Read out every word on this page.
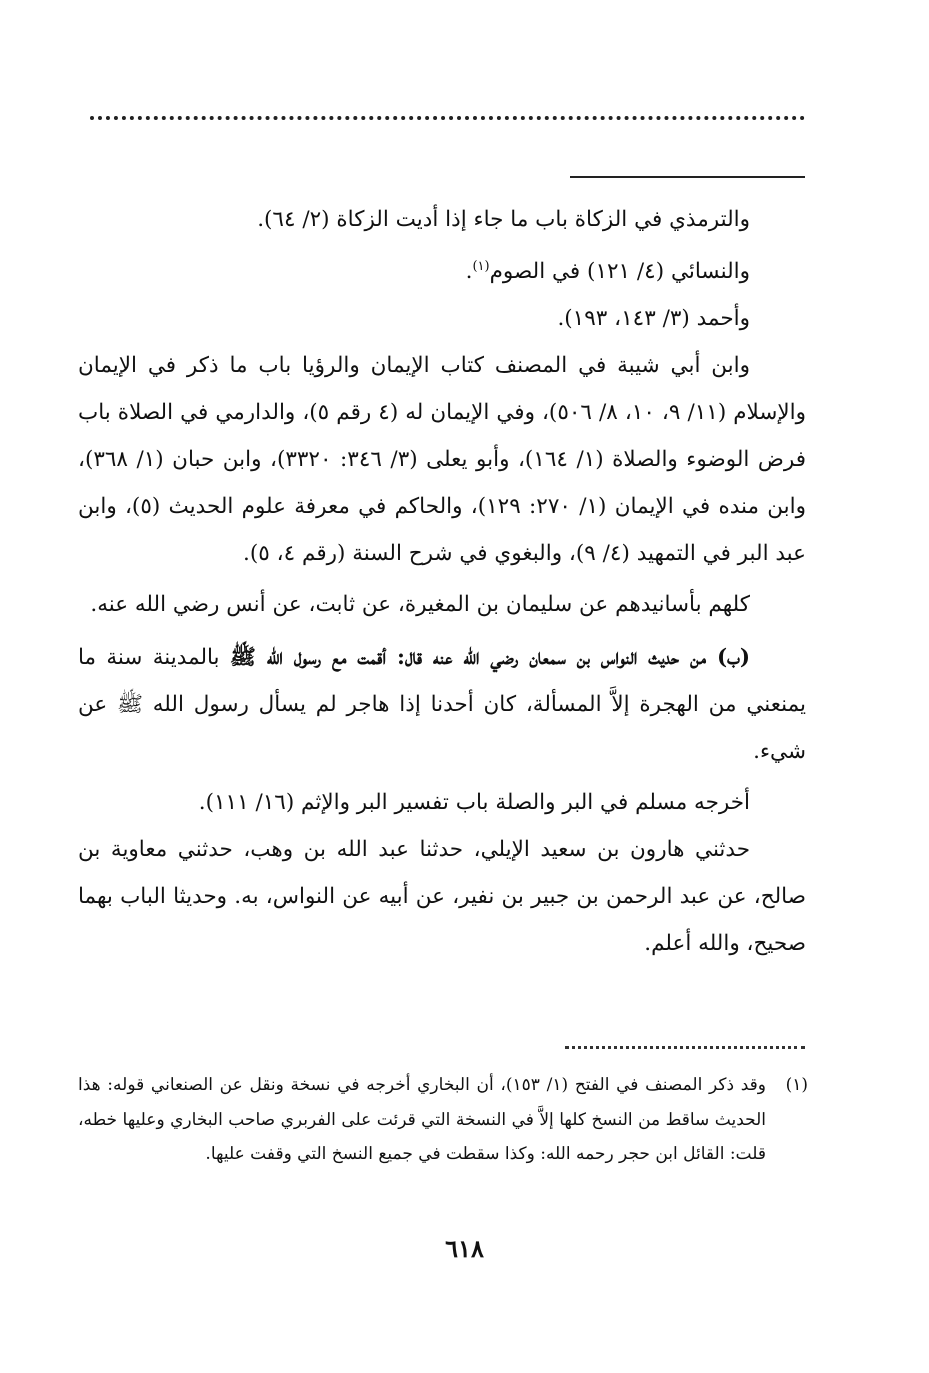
والترمذي في الزكاة باب ما جاء إذا أديت الزكاة (٢/ ٦٤).

والنسائي (٤/ ١٢١) في الصوم$^{(١)}$.

وأحمد (٣/ ١٤٣، ١٩٣).

وابن أبي شيبة في المصنف كتاب الإيمان والرؤيا باب ما ذكر في الإيمان والإسلام (١١/ ٩، ١٠، ٨/ ٥٠٦)، وفي الإيمان له (٤ رقم ٥)، والدارمي في الصلاة باب فرض الوضوء والصلاة (١/ ١٦٤)، وأبو يعلى (٣/ ٣٤٦: ٣٣٢٠)، وابن حبان (١/ ٣٦٨)، وابن منده في الإيمان (١/ ٢٧٠: ١٢٩)، والحاكم في معرفة علوم الحديث (٥)، وابن عبد البر في التمهيد (٤/ ٩)، والبغوي في شرح السنة (رقم ٤، ٥).

كلهم بأسانيدهم عن سليمان بن المغيرة، عن ثابت، عن أنس رضي الله عنه.

(ب) من حديث النواس بن سمعان رضي الله عنه قال: أقمت مع رسول الله ﷺ بالمدينة سنة ما يمنعني من الهجرة إلاَّ المسألة، كان أحدنا إذا هاجر لم يسأل رسول الله ﷺ عن شيء.

أخرجه مسلم في البر والصلة باب تفسير البر والإثم (١٦/ ١١١).

حدثني هارون بن سعيد الإيلي، حدثنا عبد الله بن وهب، حدثني معاوية بن صالح، عن عبد الرحمن بن جبير بن نفير، عن أبيه عن النواس، به. وحديثا الباب بهما صحيح، والله أعلم.

(١)
وقد ذكر المصنف في الفتح (١/ ١٥٣)، أن البخاري أخرجه في نسخة ونقل عن الصنعاني قوله: هذا الحديث ساقط من النسخ كلها إلاَّ في النسخة التي قرئت على الفربري صاحب البخاري وعليها خطه، قلت: القائل ابن حجر رحمه الله: وكذا سقطت في جميع النسخ التي وقفت عليها.
٦١٨
